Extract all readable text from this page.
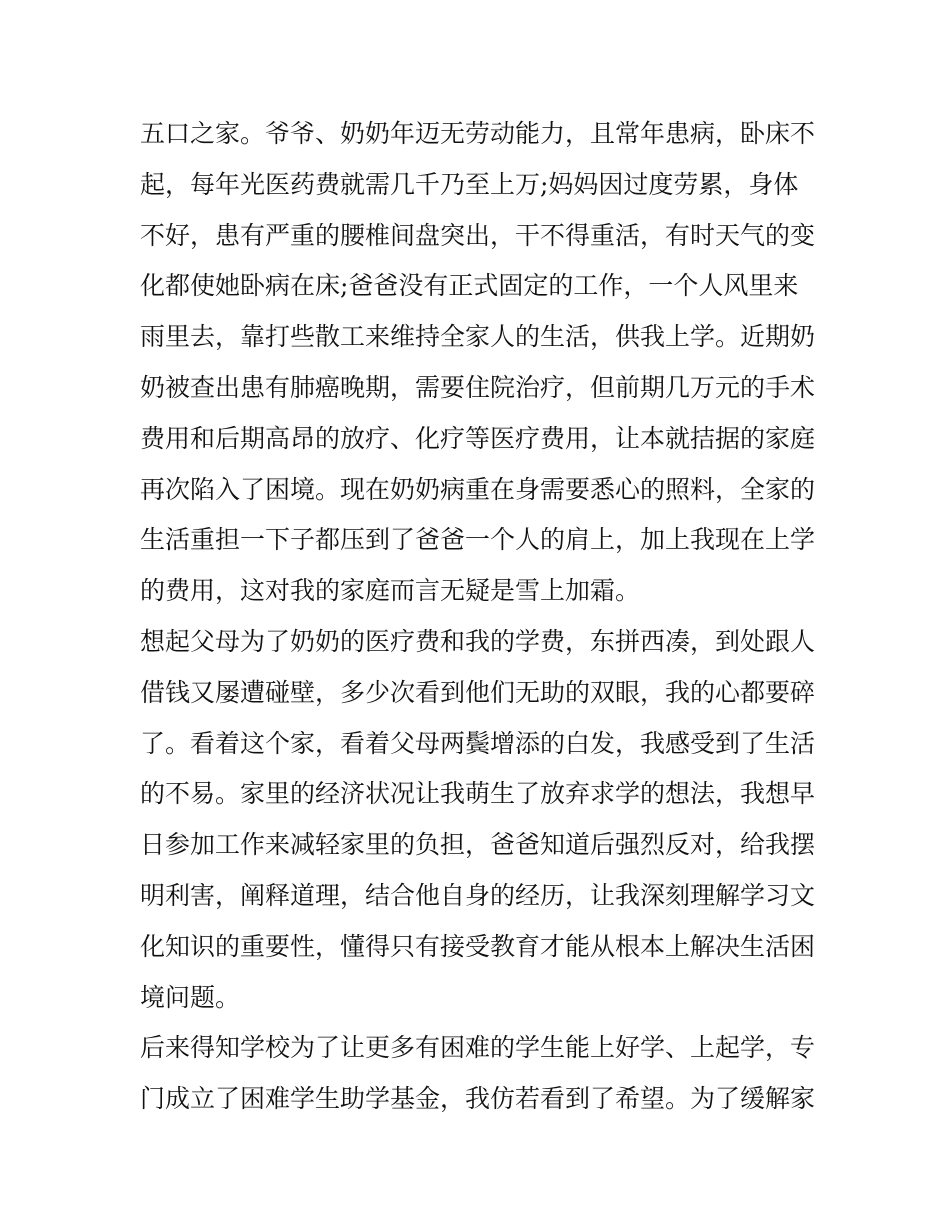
五口之家。爷爷、奶奶年迈无劳动能力，且常年患病，卧床不
起，每年光医药费就需几千乃至上万;妈妈因过度劳累，身体
不好，患有严重的腰椎间盘突出，干不得重活，有时天气的变
化都使她卧病在床;爸爸没有正式固定的工作，一个人风里来
雨里去，靠打些散工来维持全家人的生活，供我上学。近期奶
奶被查出患有肺癌晚期，需要住院治疗，但前期几万元的手术
费用和后期高昂的放疗、化疗等医疗费用，让本就拮据的家庭
再次陷入了困境。现在奶奶病重在身需要悉心的照料，全家的
生活重担一下子都压到了爸爸一个人的肩上，加上我现在上学
的费用，这对我的家庭而言无疑是雪上加霜。
想起父母为了奶奶的医疗费和我的学费，东拼西凑，到处跟人
借钱又屡遭碰壁，多少次看到他们无助的双眼，我的心都要碎
了。看着这个家，看着父母两鬓增添的白发，我感受到了生活
的不易。家里的经济状况让我萌生了放弃求学的想法，我想早
日参加工作来减轻家里的负担，爸爸知道后强烈反对，给我摆
明利害，阐释道理，结合他自身的经历，让我深刻理解学习文
化知识的重要性，懂得只有接受教育才能从根本上解决生活困
境问题。
后来得知学校为了让更多有困难的学生能上好学、上起学，专
门成立了困难学生助学基金，我仿若看到了希望。为了缓解家
